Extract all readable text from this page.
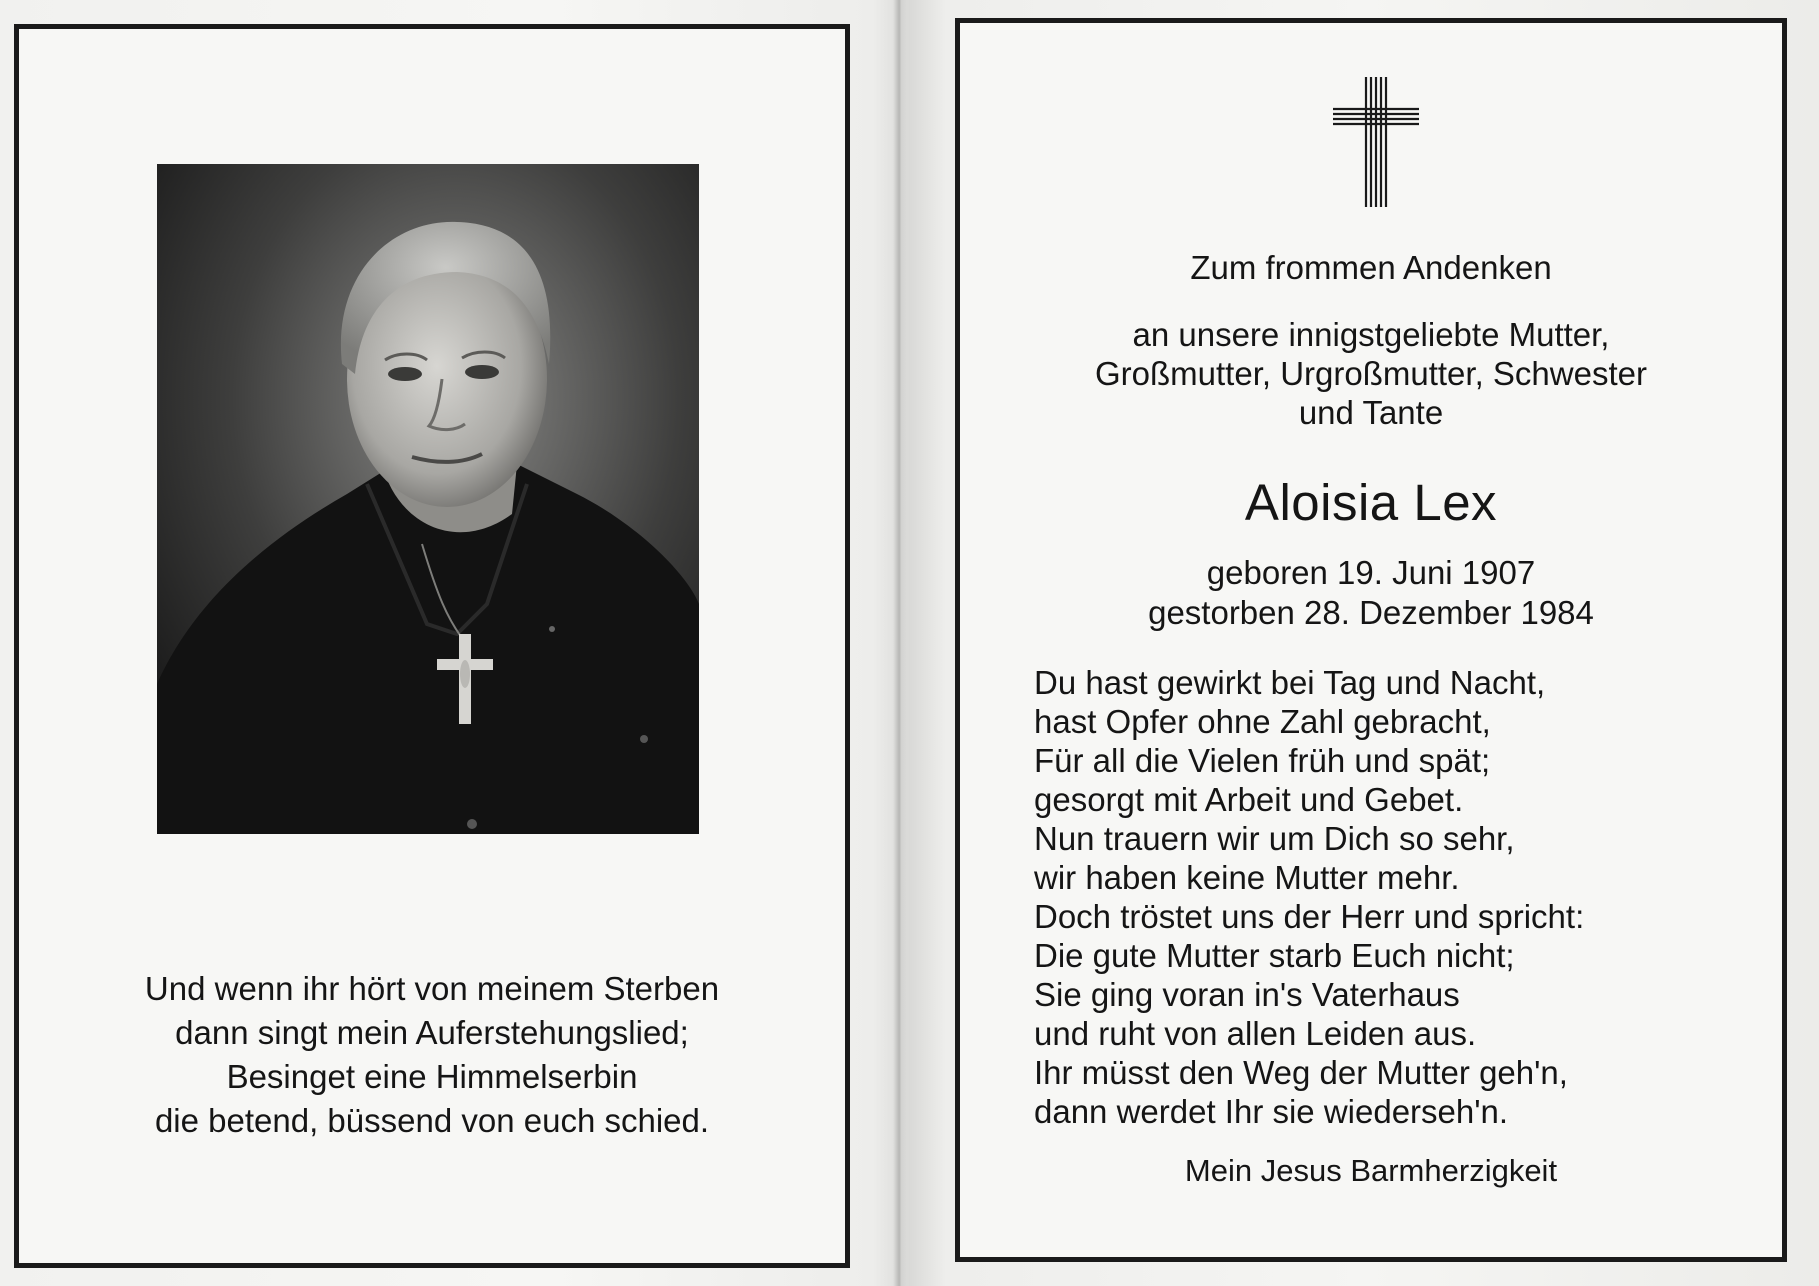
Und wenn ihr hört von meinem Sterben
dann singt mein Auferstehungslied;
Besinget eine Himmelserbin
die betend, büssend von euch schied.
Zum frommen Andenken
an unsere innigstgeliebte Mutter,
Großmutter, Urgroßmutter, Schwester
und Tante
Aloisia Lex
geboren 19. Juni 1907
gestorben 28. Dezember 1984
Du hast gewirkt bei Tag und Nacht,
hast Opfer ohne Zahl gebracht,
Für all die Vielen früh und spät;
gesorgt mit Arbeit und Gebet.
Nun trauern wir um Dich so sehr,
wir haben keine Mutter mehr.
Doch tröstet uns der Herr und spricht:
Die gute Mutter starb Euch nicht;
Sie ging voran in's Vaterhaus
und ruht von allen Leiden aus.
Ihr müsst den Weg der Mutter geh'n,
dann werdet Ihr sie wiederseh'n.
Mein Jesus Barmherzigkeit
